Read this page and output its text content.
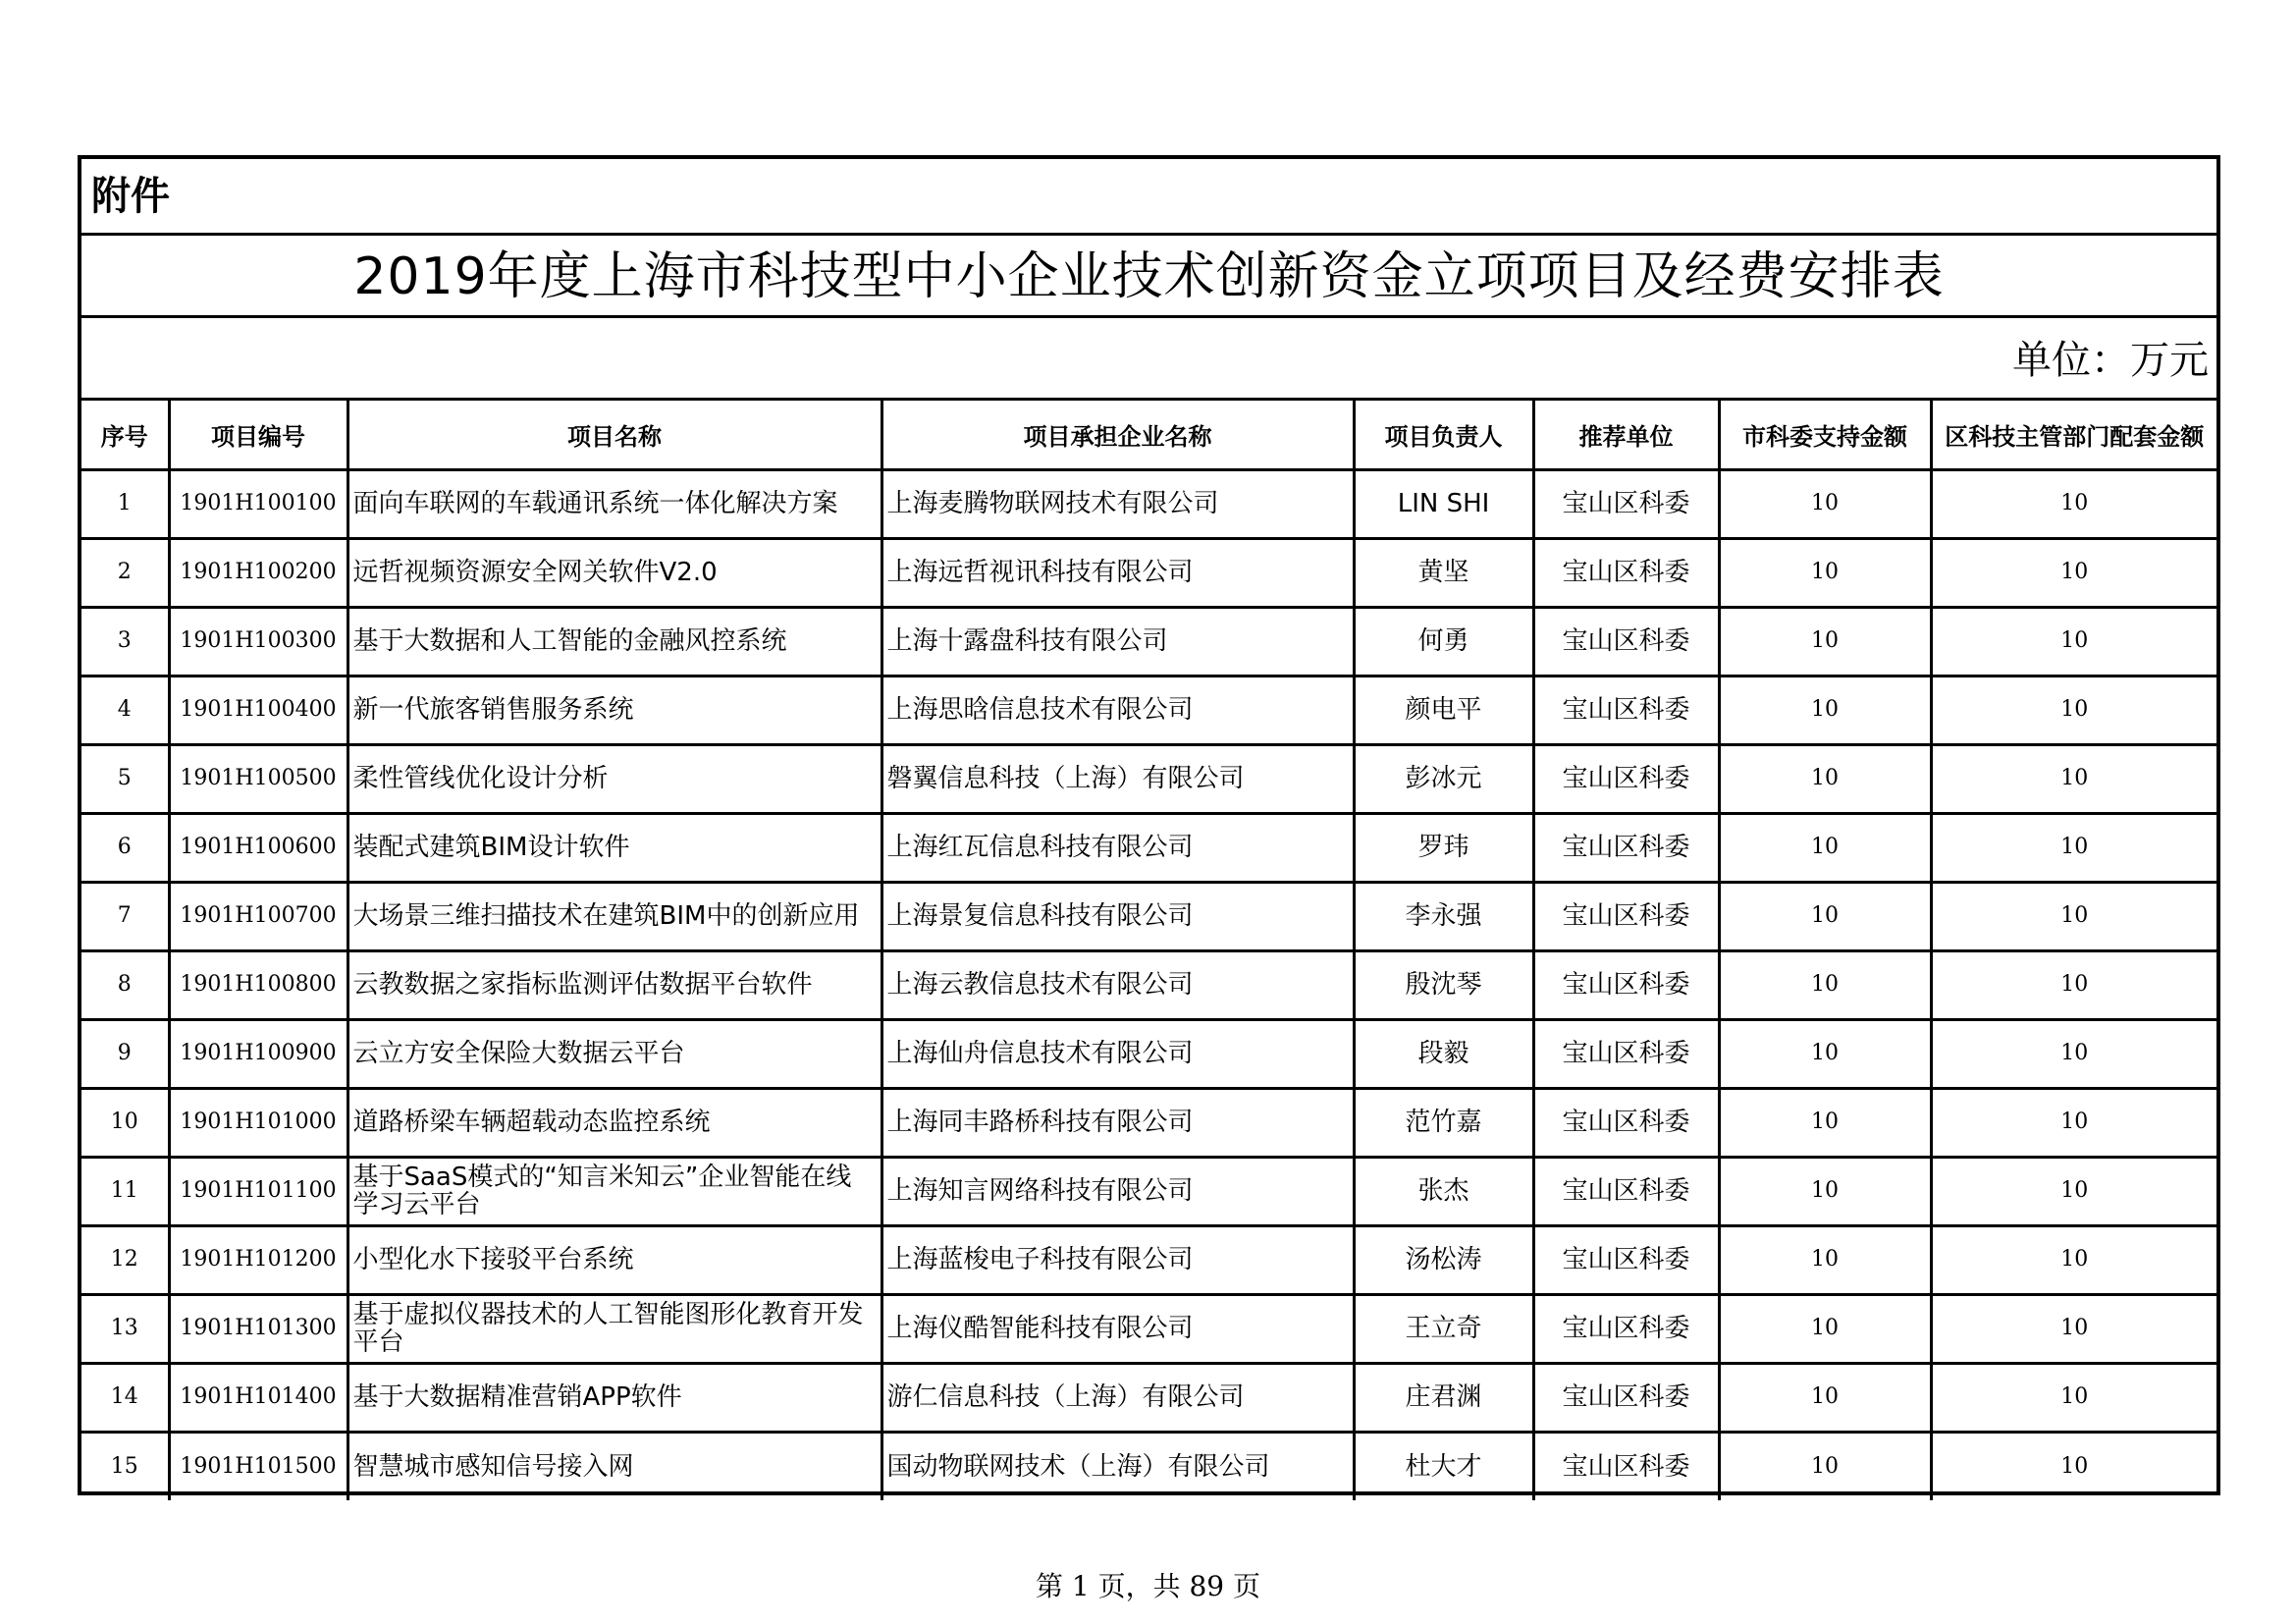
附件
2019年度上海市科技型中小企业技术创新资金立项项目及经费安排表
单位：万元
序号	项目编号	项目名称	项目承担企业名称	项目负责人	推荐单位	市科委支持金额	区科技主管部门配套金额
1	1901H100100	面向车联网的车载通讯系统一体化解决方案	上海麦腾物联网技术有限公司	LIN SHI	宝山区科委	10	10
2	1901H100200	远哲视频资源安全网关软件V2.0	上海远哲视讯科技有限公司	黄坚	宝山区科委	10	10
3	1901H100300	基于大数据和人工智能的金融风控系统	上海十露盘科技有限公司	何勇	宝山区科委	10	10
4	1901H100400	新一代旅客销售服务系统	上海思晗信息技术有限公司	颜电平	宝山区科委	10	10
5	1901H100500	柔性管线优化设计分析	磐翼信息科技（上海）有限公司	彭冰元	宝山区科委	10	10
6	1901H100600	装配式建筑BIM设计软件	上海红瓦信息科技有限公司	罗玮	宝山区科委	10	10
7	1901H100700	大场景三维扫描技术在建筑BIM中的创新应用	上海景复信息科技有限公司	李永强	宝山区科委	10	10
8	1901H100800	云教数据之家指标监测评估数据平台软件	上海云教信息技术有限公司	殷沈琴	宝山区科委	10	10
9	1901H100900	云立方安全保险大数据云平台	上海仙舟信息技术有限公司	段毅	宝山区科委	10	10
10	1901H101000	道路桥梁车辆超载动态监控系统	上海同丰路桥科技有限公司	范竹嘉	宝山区科委	10	10
11	1901H101100	基于SaaS模式的“知言米知云”企业智能在线学习云平台	上海知言网络科技有限公司	张杰	宝山区科委	10	10
12	1901H101200	小型化水下接驳平台系统	上海蓝梭电子科技有限公司	汤松涛	宝山区科委	10	10
13	1901H101300	基于虚拟仪器技术的人工智能图形化教育开发平台	上海仪酷智能科技有限公司	王立奇	宝山区科委	10	10
14	1901H101400	基于大数据精准营销APP软件	游仁信息科技（上海）有限公司	庄君渊	宝山区科委	10	10
15	1901H101500	智慧城市感知信号接入网	国动物联网技术（上海）有限公司	杜大才	宝山区科委	10	10
第 1 页，共 89 页
